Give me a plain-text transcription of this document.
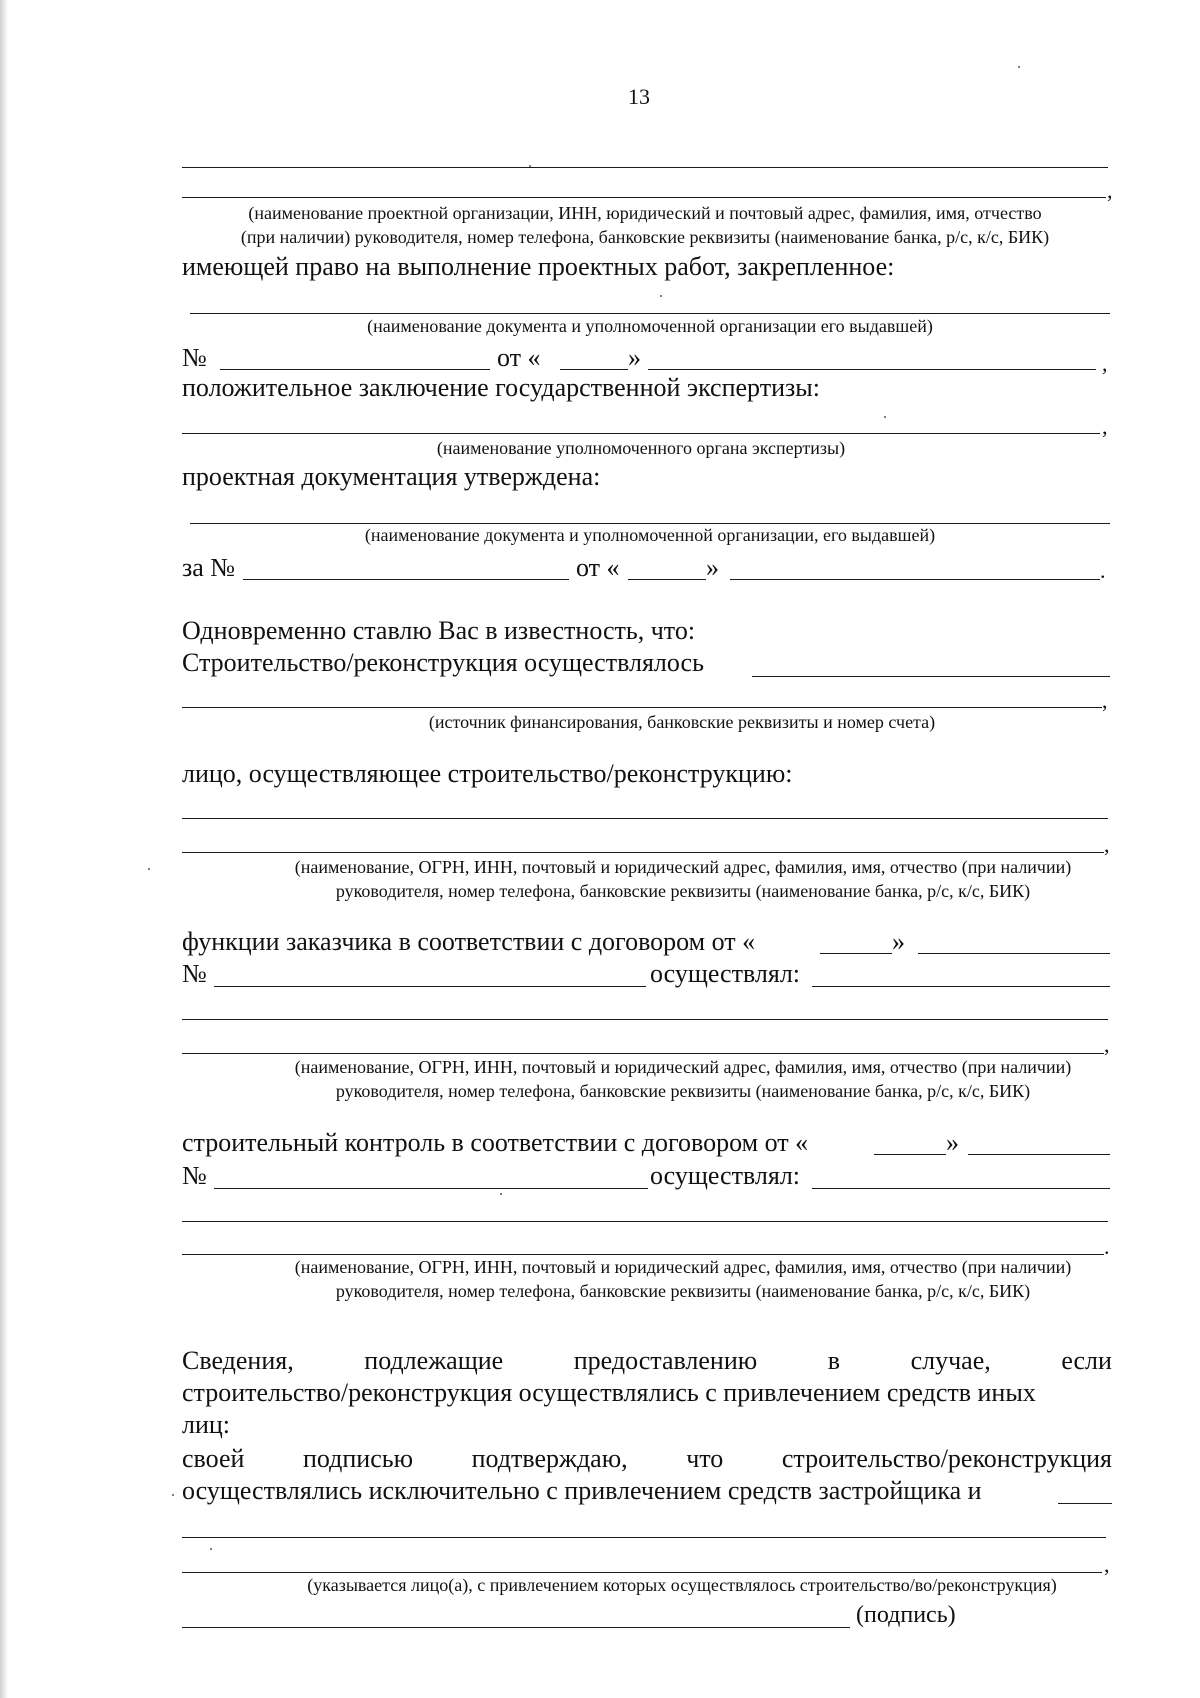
13
,
(наименование проектной организации, ИНН, юридический и почтовый адрес, фамилия, имя, отчество
(при наличии) руководителя, номер телефона, банковские реквизиты (наименование банка, р/с, к/с, БИК)
имеющей право на выполнение проектных работ, закрепленное:
(наименование документа и уполномоченной организации его выдавшей)
№	от «	»	,
положительное заключение государственной экспертизы:
,
(наименование уполномоченного органа экспертизы)
проектная документация утверждена:
(наименование документа и уполномоченной организации, его выдавшей)
за №	от «	»	.
Одновременно ставлю Вас в известность, что:
Строительство/реконструкция осуществлялось
,
(источник финансирования, банковские реквизиты и номер счета)
лицо, осуществляющее строительство/реконструкцию:
,
(наименование, ОГРН, ИНН, почтовый и юридический адрес, фамилия, имя, отчество (при наличии)
руководителя, номер телефона, банковские реквизиты (наименование банка, р/с, к/с, БИК)
функции заказчика в соответствии с договором от «	»
№	осуществлял:
,
(наименование, ОГРН, ИНН, почтовый и юридический адрес, фамилия, имя, отчество (при наличии)
руководителя, номер телефона, банковские реквизиты (наименование банка, р/с, к/с, БИК)
строительный контроль в соответствии с договором от «	»
№	осуществлял:
.
(наименование, ОГРН, ИНН, почтовый и юридический адрес, фамилия, имя, отчество (при наличии)
руководителя, номер телефона, банковские реквизиты (наименование банка, р/с, к/с, БИК)
Сведения,	подлежащие	предоставлению	в	случае,	если
строительство/реконструкция осуществлялись с привлечением средств иных
лиц:
своей подписью подтверждаю, что строительство/реконструкция
осуществлялись исключительно с привлечением средств застройщика и
,
(указывается лицо(а), с привлечением которых осуществлялось строительство/во/реконструкция)
(подпись)
